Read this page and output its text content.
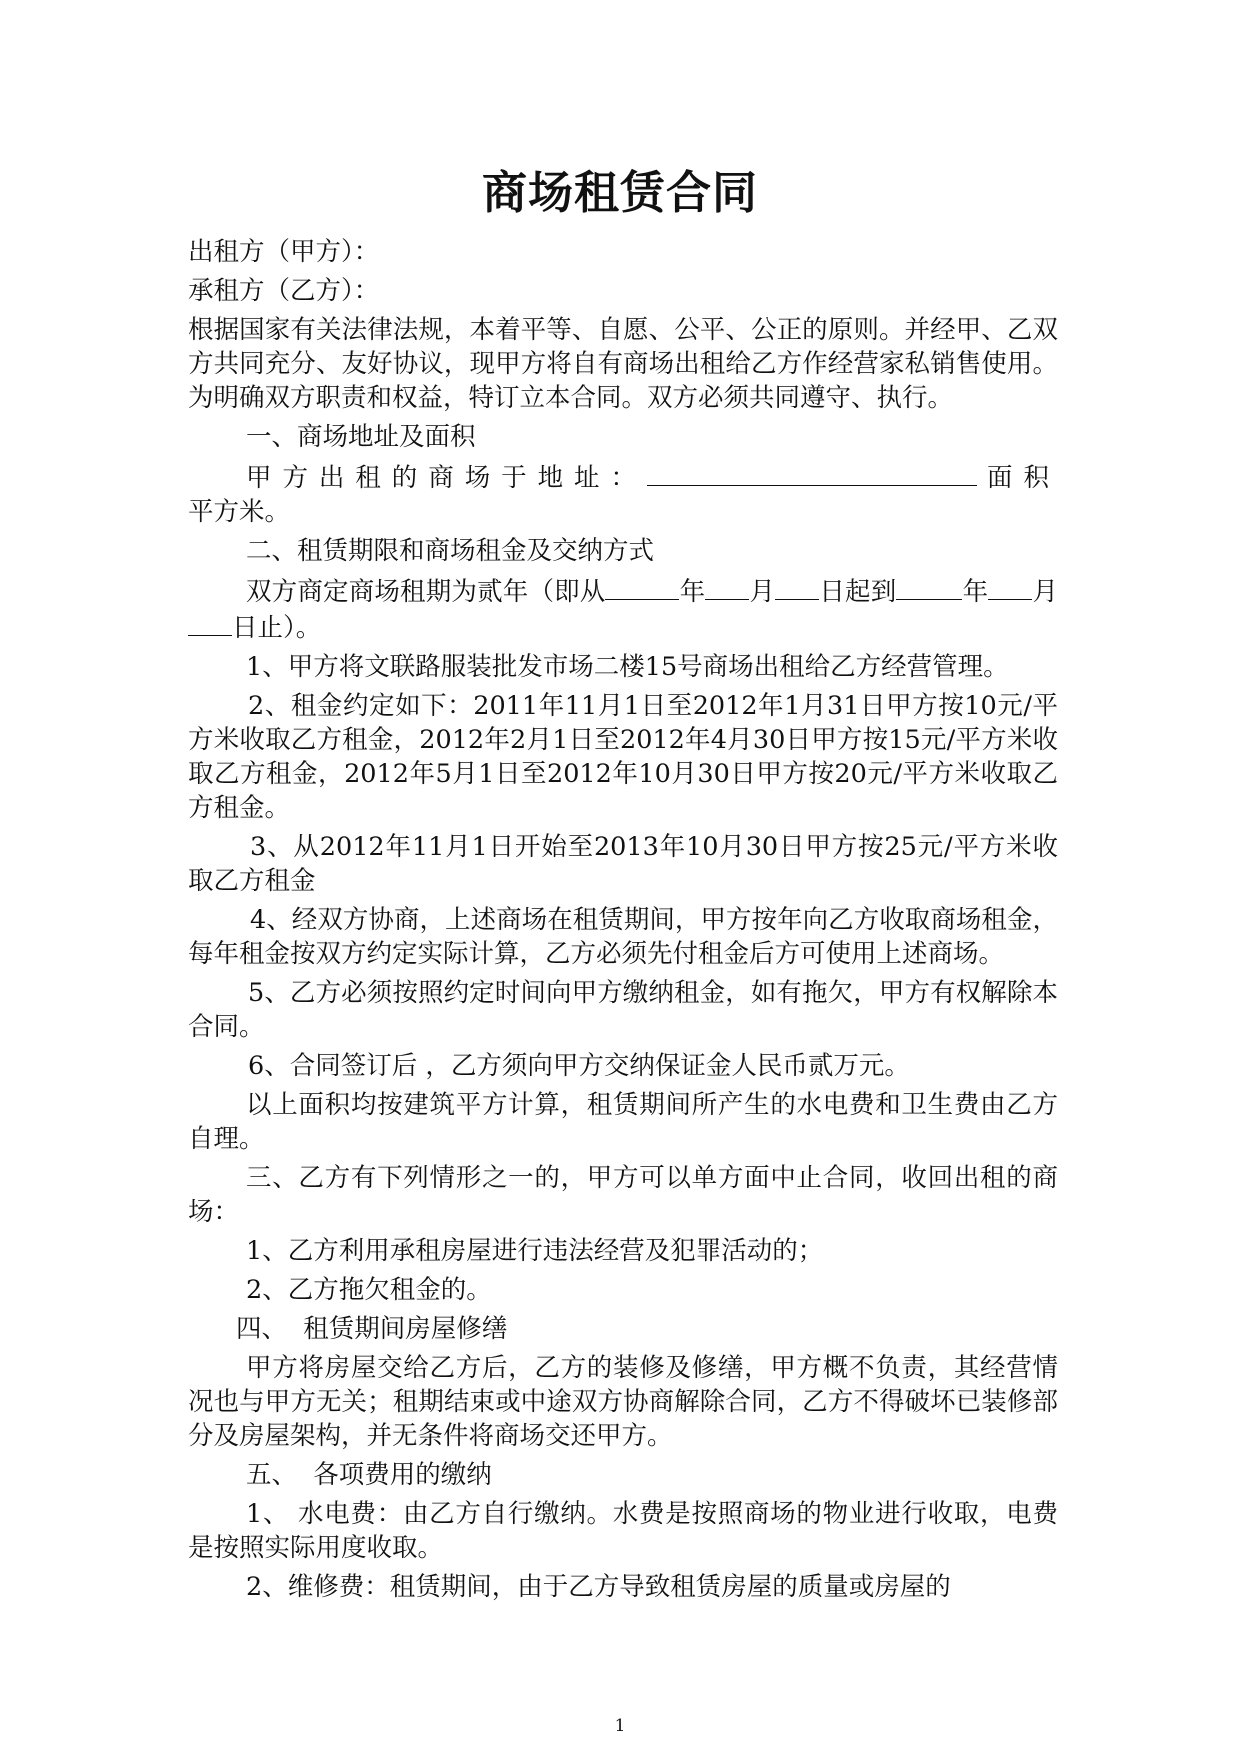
商场租赁合同

出租方（甲方）：

承租方（乙方）：

根据国家有关法律法规，本着平等、自愿、公平、公正的原则。并经甲、乙双方共同充分、友好协议，现甲方将自有商场出租给乙方作经营家私销售使用。为明确双方职责和权益，特订立本合同。双方必须共同遵守、执行。

一、商场地址及面积

甲方出租的商场于地址：	面积平方米。

二、租赁期限和商场租金及交纳方式

双方商定商场租期为贰年（即从	年 月 日起到	年 月日止）。

1、甲方将文联路服装批发市场二楼15号商场出租给乙方经营管理。

2、租金约定如下：2011年11月1日至2012年1月31日甲方按10元/平方米收取乙方租金，2012年2月1日至2012年4月30日甲方按15元/平方米收取乙方租金，2012年5月1日至2012年10月30日甲方按20元/平方米收取乙方租金。

3、从2012年11月1日开始至2013年10月30日甲方按25元/平方米收取乙方租金

4、经双方协商，上述商场在租赁期间，甲方按年向乙方收取商场租金，每年租金按双方约定实际计算，乙方必须先付租金后方可使用上述商场。

5、乙方必须按照约定时间向甲方缴纳租金，如有拖欠，甲方有权解除本合同。

6、合同签订后 ，乙方须向甲方交纳保证金人民币贰万元。

以上面积均按建筑平方计算，租赁期间所产生的水电费和卫生费由乙方自理。

三、乙方有下列情形之一的，甲方可以单方面中止合同，收回出租的商场：

1、乙方利用承租房屋进行违法经营及犯罪活动的；

2、乙方拖欠租金的。

四、  租赁期间房屋修缮

甲方将房屋交给乙方后，乙方的装修及修缮，甲方概不负责，其经营情况也与甲方无关；租期结束或中途双方协商解除合同，乙方不得破坏已装修部分及房屋架构，并无条件将商场交还甲方。

五、  各项费用的缴纳

1、 水电费：由乙方自行缴纳。水费是按照商场的物业进行收取，电费是按照实际用度收取。

2、维修费：租赁期间，由于乙方导致租赁房屋的质量或房屋的

1
